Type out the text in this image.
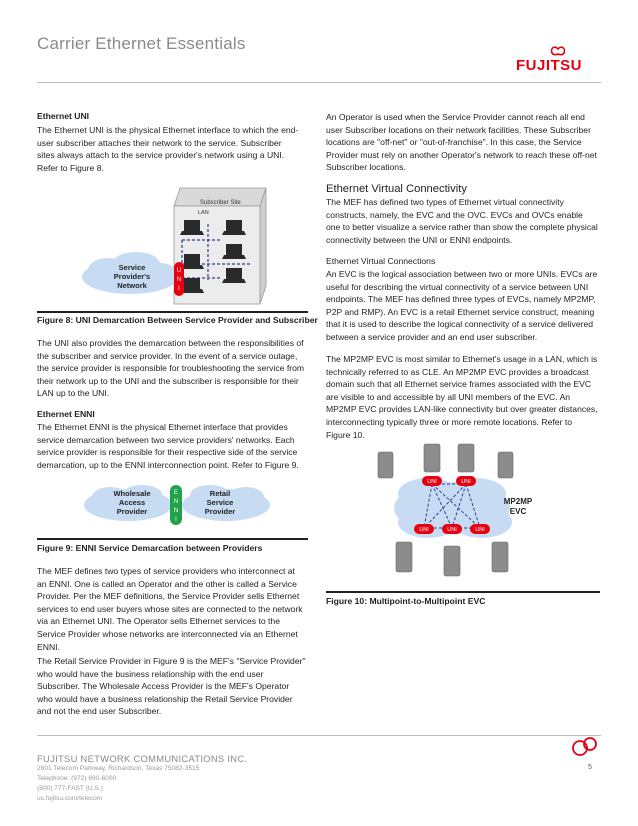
Carrier Ethernet Essentials
FUJITSU
Ethernet UNI
The Ethernet UNI is the physical Ethernet interface to which the end-user subscriber attaches their network to the service. Subscriber sites always attach to the service provider's network using a UNI. Refer to Figure 8.
Subscriber Site
LAN
Service
Provider's
Network
U
N
I
Figure 8: UNI Demarcation Between Service Provider and Subscriber
The UNI also provides the demarcation between the responsibilities of the subscriber and service provider. In the event of a service outage, the service provider is responsible for troubleshooting the service from their network up to the UNI and the subscriber is responsible for their LAN up to the UNI.
Ethernet ENNI
The Ethernet ENNI is the physical Ethernet interface that provides service demarcation between two service providers' networks. Each service provider is responsible for their respective side of the service demarcation, up to the ENNI interconnection point. Refer to Figure 9.
Wholesale
Access
Provider
Retail
Service
Provider
E
N
N
I
Figure 9: ENNI Service Demarcation between Providers
The MEF defines two types of service providers who interconnect at an ENNI. One is called an Operator and the other is called a Service Provider. Per the MEF definitions, the Service Provider sells Ethernet services to end user buyers whose sites are connected to the network via an Ethernet UNI. The Operator sells Ethernet services to the Service Provider whose networks are interconnected via an Ethernet ENNI.
The Retail Service Provider in Figure 9 is the MEF's "Service Provider" who would have the business relationship with the end user Subscriber. The Wholesale Access Provider is the MEF's Operator who would have a business relationship the Retail Service Provider and not the end user Subscriber.
An Operator is used when the Service Provider cannot reach all end user Subscriber locations on their network facilities. These Subscriber locations are "off-net" or "out-of-franchise". In this case, the Service Provider must rely on another Operator's network to reach these off-net Subscriber locations.
Ethernet Virtual Connectivity
The MEF has defined two types of Ethernet virtual connectivity constructs, namely, the EVC and the OVC. EVCs and OVCs enable one to better visualize a service rather than show the complete physical connectivity between the UNI or ENNI endpoints.
Ethernet Virtual Connections
An EVC is the logical association between two or more UNIs. EVCs are useful for describing the virtual connectivity of a service between UNI endpoints. The MEF has defined three types of EVCs, namely MP2MP, P2P and RMP). An EVC is a retail Ethernet service construct, meaning that it is used to describe the logical connectivity of a service delivered between a service provider and an end user subscriber.
The MP2MP EVC is most similar to Ethernet's usage in a LAN, which is technically referred to as CLE. An MP2MP EVC provides a broadcast domain such that all Ethernet service frames associated with the EVC are visible to and accessible by all UNI members of the EVC. An MP2MP EVC provides LAN-like connectivity but over greater distances, interconnecting typically three or more remote locations. Refer to Figure 10.
UNI	UNI
UNI	UNI	UNI
MP2MP
EVC
Figure 10: Multipoint-to-Multipoint EVC
FUJITSU NETWORK COMMUNICATIONS INC.
2801 Telecom Parkway, Richardson, Texas 75082-3515
Telephone: (972) 690-6000
(800) 777-FAST (U.S.)
us.fujitsu.com/telecom
5
